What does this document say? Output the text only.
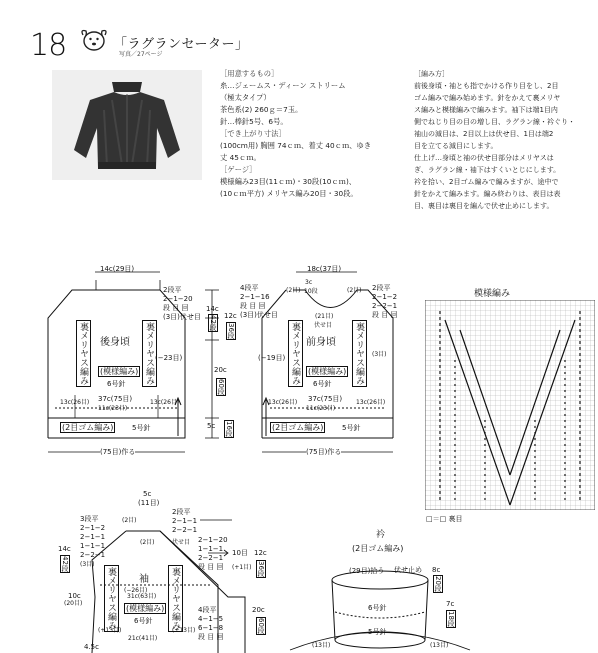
18	「ラグランセーター」
写真／27ページ
［用意するもの］
糸…ジェームス・ディーン ストリーム
（極太タイプ）
茶色系(2) 260ｇ＝7玉。
針…棒針5号、6号。
［でき上がり寸法］
(100cm用) 胸囲 74ｃｍ、着丈 40ｃｍ、ゆき
丈 45ｃｍ。
［ゲージ］
模様編み23目(11ｃｍ)・30段(10ｃｍ)、
(10ｃｍ平方) メリヤス編み20目・30段。
［編み方］
前後身頃・袖とも指でかける作り目をし、2目
ゴム編みで編み始めます。針をかえて裏メリヤ
ス編みと模様編みで編みます。袖下は端1目内
側でねじり目の目の増し目、ラグラン線・衿ぐり・
袖山の減目は、2目以上は伏せ目、1目は端2
目を立てる減目にします。
仕上げ…身頃と袖の伏せ目部分はメリヤスは
ぎ、ラグラン線・袖下はすくいとじにします。
衿を拾い、2目ゴム編みで編みますが、途中で
針をかえて編みます。編み終わりは、表目は表
目、裏目は裏目を編んで伏せ止めにします。
14c(29目)
2段平
2−1−20
段 目 回
(3目)伏せ目
後身頃
裏メリヤス編み	裏メリヤス編み
(模様編み)
6号針
(−23目)
37c(75目)
13c(26目)
11c(23目)
13c(26目)
(2目ゴム編み)	5号針
(75目)作る
14c
42段 12c
36段
20c
60段
5c 16段
18c(37目)
4段平
2−1−16
段 目 回
(3目)伏せ目
(2目)
3c
10段	(2目) 2段平
2−1−2
2−2−1
段 目 回
(21目)
伏せ目
前身頃
裏メリヤス編み	裏メリヤス編み
(模様編み)
6号針
(−19目)	(3目)
37c(75目)
13c(26目)
11c(23目)
13c(26目)
(2目ゴム編み)	5号針
(75目)作る
模様編み
□＝□ 裏目
5c
(11目)
3段平
2−1−2
2−1−1
1−1−1
2−2−1
(3目)
(2目)
2段平
2−1−1
2−2−1
2−1−20
1−1−1
2−2−1
段 目 回
伏せ目
(2目)
10目
14c
42段
10c
(20目)
(−26目)
裏メリヤス編み	袖 裏メリヤス編み
31c(63目)
(模様編み)
6号針
(+13目)	(+13目)
(+1目)
4段平
4−1−5
6−1−8
段 目 回
21c(41目)
12c
36段
20c
60段
4.5c
衿
(2目ゴム編み)
(29目)拾う 伏せ止め
6号針
5号針
8c
20段
7c
18段
(13目)	(13目)
